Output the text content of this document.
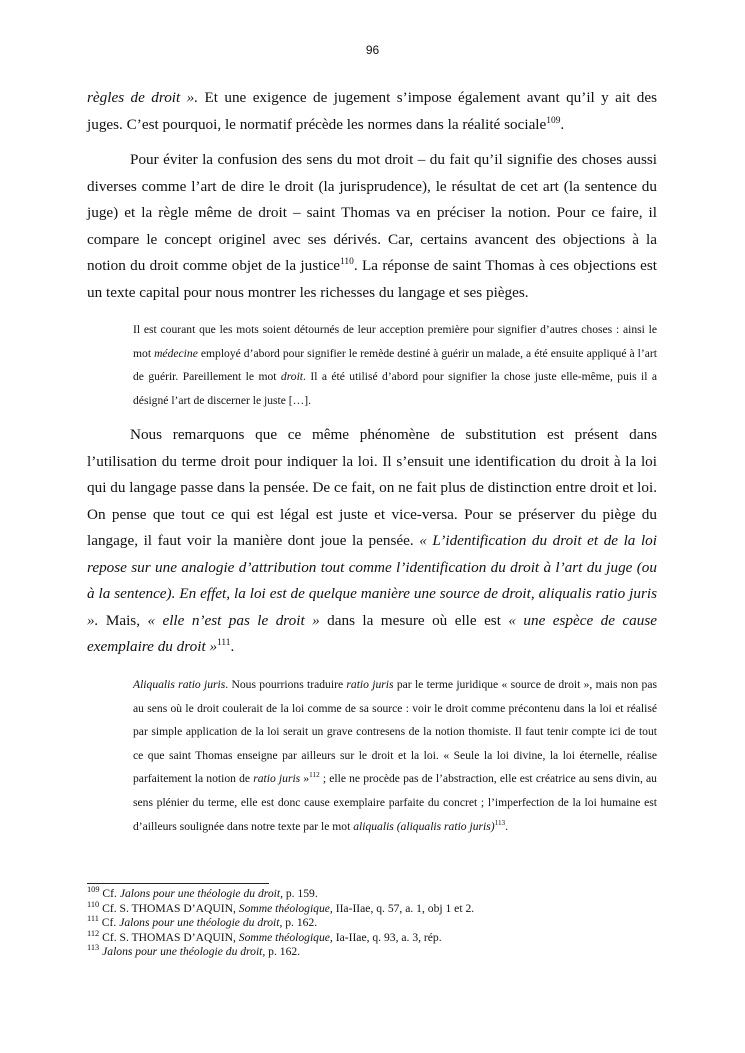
96

règles de droit ». Et une exigence de jugement s’impose également avant qu’il y ait des juges. C’est pourquoi, le normatif précède les normes dans la réalité sociale$^{109}$.

Pour éviter la confusion des sens du mot droit – du fait qu’il signifie des choses aussi diverses comme l’art de dire le droit (la jurisprudence), le résultat de cet art (la sentence du juge) et la règle même de droit – saint Thomas va en préciser la notion. Pour ce faire, il compare le concept originel avec ses dérivés. Car, certains avancent des objections à la notion du droit comme objet de la justice$^{110}$. La réponse de saint Thomas à ces objections est un texte capital pour nous montrer les richesses du langage et ses pièges.

Il est courant que les mots soient détournés de leur acception première pour signifier d’autres choses : ainsi le mot médecine employé d’abord pour signifier le remède destiné à guérir un malade, a été ensuite appliqué à l’art de guérir. Pareillement le mot droit. Il a été utilisé d’abord pour signifier la chose juste elle-même, puis il a désigné l’art de discerner le juste […].

Nous remarquons que ce même phénomène de substitution est présent dans l’utilisation du terme droit pour indiquer la loi. Il s’ensuit une identification du droit à la loi qui du langage passe dans la pensée. De ce fait, on ne fait plus de distinction entre droit et loi. On pense que tout ce qui est légal est juste et vice-versa. Pour se préserver du piège du langage, il faut voir la manière dont joue la pensée. « L’identification du droit et de la loi repose sur une analogie d’attribution tout comme l’identification du droit à l’art du juge (ou à la sentence). En effet, la loi est de quelque manière une source de droit, aliqualis ratio juris ». Mais, « elle n’est pas le droit » dans la mesure où elle est « une espèce de cause exemplaire du droit »$^{111}$.

Aliqualis ratio juris. Nous pourrions traduire ratio juris par le terme juridique « source de droit », mais non pas au sens où le droit coulerait de la loi comme de sa source : voir le droit comme précontenu dans la loi et réalisé par simple application de la loi serait un grave contresens de la notion thomiste. Il faut tenir compte ici de tout ce que saint Thomas enseigne par ailleurs sur le droit et la loi. « Seule la loi divine, la loi éternelle, réalise parfaitement la notion de ratio juris »$^{112}$ ; elle ne procède pas de l’abstraction, elle est créatrice au sens divin, au sens plénier du terme, elle est donc cause exemplaire parfaite du concret ; l’imperfection de la loi humaine est d’ailleurs soulignée dans notre texte par le mot aliqualis (aliqualis ratio juris)$^{113}$.

$^{109}$ Cf. Jalons pour une théologie du droit, p. 159.
$^{110}$ Cf. S. THOMAS D’AQUIN, Somme théologique, IIa-IIae, q. 57, a. 1, obj 1 et 2.
$^{111}$ Cf. Jalons pour une théologie du droit, p. 162.
$^{112}$ Cf. S. THOMAS D’AQUIN, Somme théologique, Ia-IIae, q. 93, a. 3, rép.
$^{113}$ Jalons pour une théologie du droit, p. 162.
